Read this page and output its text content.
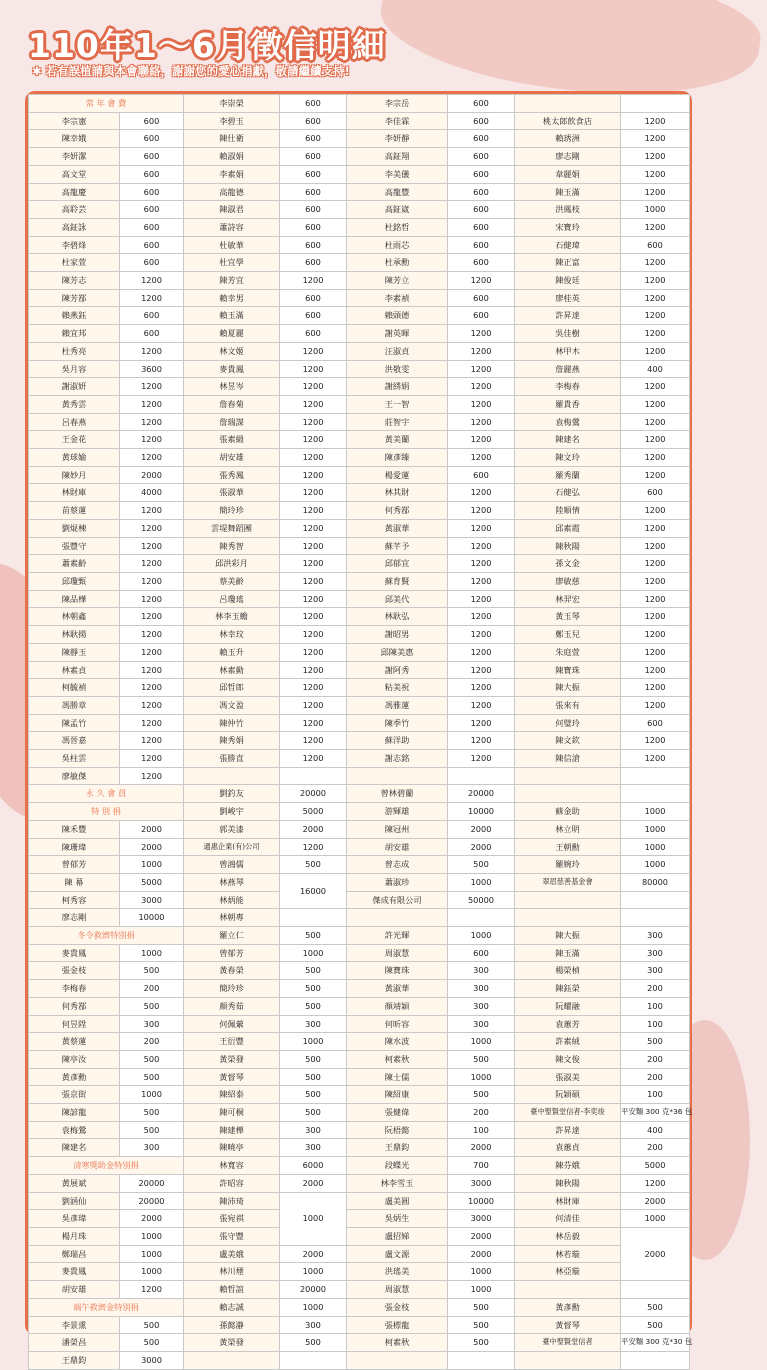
110年1～6月徵信明細
✱ 若有誤植請與本會聯絡，謝謝您的愛心捐獻，敬請繼續支持!
常 年 會 費		李崇榮	600	李宗岳	600		
李宗憲	600	李碧玉	600	李佳霖	600	桃太郎飲食店	1200
陳幸娥	600	陳仕衛	600	李妍靜	600	賴琇洲	1200
李妍潔	600	賴淑娟	600	高鉦翔	600	廖志剛	1200
高文堂	600	李素娟	600	李美儀	600	韋麗娟	1200
高龍慶	600	高龍德	600	高龍豐	600	陳玉滿	1200
高聆芸	600	陳淑君	600	高鉦崴	600	洪鳳枝	1000
高鉦詠	600	蕭詩容	600	杜銘哲	600	宋寶玲	1200
李碧烽	600	杜敏華	600	杜雨芯	600	石健瑋	600
杜家萱	600	杜宜學	600	杜承勳	600	陳正富	1200
陳芳志	1200	陳芳宜	1200	陳芳立	1200	陳俊廷	1200
陳芳鄀	1200	賴幸男	600	李素禎	600	廖桂英	1200
賴燕鈺	600	賴玉滿	600	賴頭德	600	許昇達	1200
賴宜邦	600	賴夏麗	600	謝英暉	1200	吳佳樹	1200
杜秀亮	1200	林文姬	1200	汪淑貞	1200	林甲木	1200
吳月容	3600	麥貴鳳	1200	洪敬雯	1200	詹麗燕	400
謝淑妍	1200	林昱岑	1200	謝綉娟	1200	李梅春	1200
黃秀雲	1200	詹春菊	1200	王一智	1200	羅貴香	1200
呂春燕	1200	詹瑞謀	1200	莊智宇	1200	袁梅鶯	1200
王金花	1200	張素緞	1200	黃美蘭	1200	陳建名	1200
黃球媮	1200	胡安雄	1200	陳彥臻	1200	陳文玲	1200
陳妙月	2000	張秀鳳	1200	楊愛蓮	600	羅秀蘭	1200
林財庫	4000	張淑華	1200	林其財	1200	石健弘	600
苗蔡蓮	1200	簡玲珍	1200	何秀鄀	1200	陸順情	1200
劉焜棟	1200	雲堤舞蹈團	1200	黃淑華	1200	邱素霞	1200
張豐守	1200	陳秀智	1200	蘇芊予	1200	陳秋陽	1200
蕭素齡	1200	邱洪彩月	1200	邱郁宜	1200	孫文金	1200
邱瓊甄	1200	蔡美齡	1200	蘇育賢	1200	廖敏慈	1200
陳品樺	1200	呂瓊瑤	1200	邱美代	1200	林羿宏	1200
林朝鑫	1200	林李玉蟾	1200	林耿弘	1200	黃玉琴	1200
林耿揚	1200	林幸玟	1200	謝昭男	1200	鄭玉兒	1200
陳靜玉	1200	賴玉升	1200	邱陳美惠	1200	朱庭萱	1200
林素貞	1200	林素勤	1200	謝阿秀	1200	陳寶珠	1200
柯毓禎	1200	邱哲郎	1200	粘美祝	1200	陳大振	1200
馮勝章	1200	馮文盈	1200	馮雅蓮	1200	張來有	1200
陳孟竹	1200	陳仲竹	1200	陳季竹	1200	何璧玲	600
馮晉嘉	1200	陳秀娟	1200	蘇洋助	1200	陳文欽	1200
吳柱雲	1200	張勝直	1200	謝志銘	1200	陳信滄	1200
廖敏傑	1200						
永 久 會 員		劉釣友	20000	曾林碧蘭	20000		
特 別 捐		劉峻宇	5000	游輝雄	10000	蘇金助	1000
陳禾豐	2000	郭美漆	2000	陳冠州	2000	林立明	1000
陳珊瑋	2000	通惠企業(有)公司	1200	胡安雄	2000	王朝勳	1000
曾郁芳	1000	曾鴻儒	500	曾志成	500	羅婉玲	1000
陳 幕	5000	林燕琴	16000	蕭淑珍	1000	翠眉慈善基金會	80000
柯秀容	3000	林炳能		傑成有限公司	50000		
廖志剛	10000	林朝專					
冬令救濟特別捐		羅立仁	500	許光輝	1000	陳大振	300
麥貴鳳	1000	曾郁芳	1000	周淑慧	600	陳玉滿	300
張金枝	500	黃春榮	500	陳寶珠	300	楊榮楨	300
李梅春	200	簡玲珍	500	黃淑華	300	陳鈺榮	200
何秀鄀	500	顏秀茹	500	顏靖穎	300	阮耀融	100
何昱陞	300	何佩縈	300	何昕容	300	袁蕙芳	100
黃蔡蓮	200	王衍豐	1000	陳水波	1000	許素絨	500
陳亭汝	500	黃榮發	500	柯素秋	500	陳文俊	200
黃彥勳	500	黃督琴	500	陳士儒	1000	張淑美	200
張京街	1000	陳紹泰	500	陳紹康	500	阮穎碩	100
陳諺龍	500	陳可桐	500	張健偉	200	臺中聖賢堂信者-李奕竣	平安麵 300 克*36 包
袁梅鶯	500	陳建樺	300	阮梧懿	100	許昇達	400
陳建名	300	陳曉亭	300	王鼎鈞	2000	袁蕙貞	200
清寒獎助金特別捐		林寬容	6000	段蝶光	700	陳芬娥	5000
黃展斌	20000	許昭容	2000	林李雪玉	3000	陳秋陽	1200
劉涵仙	20000	陳沛琦	1000	盧美圓	10000	林財庫	2000
吳彥瑋	2000	張宛祺		吳炳生	3000	何清佳	1000
楊月珠	1000	張守豐		盧招娣	2000	林岳毅	2000
鄭瑞昌	1000	盧美娥	2000	盧文源	2000	林若璇	
麥貴鳳	1000	林川煙	1000	洪瑤美	1000	林亞璇	
胡安雄	1200	賴哲誼	20000	周淑慧	1000		
端午救濟金特別捐		賴志誠	1000	張金枝	500	黃彥勳	500
李景熏	500	孫懿瀞	300	張標龍	500	黃督琴	500
潘榮昌	500	黃榮發	500	柯素秋	500	臺中聖賢堂信者	平安麵 300 克*30 包
王鼎鈞	3000						
